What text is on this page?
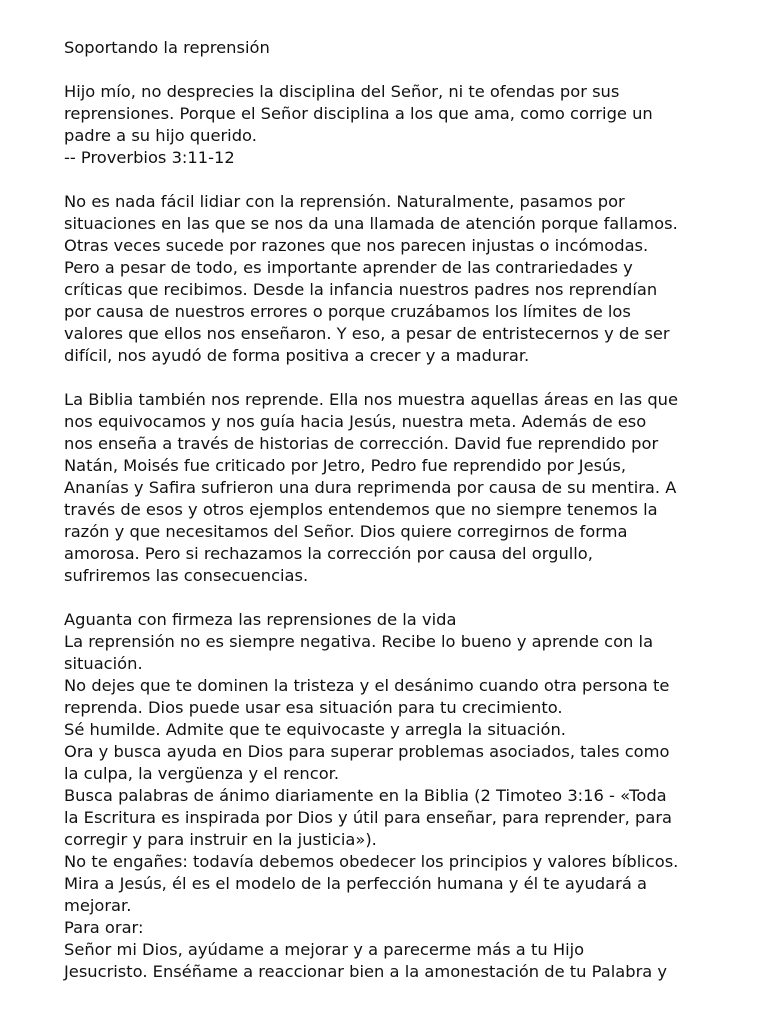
Soportando la reprensión

Hijo mío, no desprecies la disciplina del Señor, ni te ofendas por sus

reprensiones. Porque el Señor disciplina a los que ama, como corrige un

padre a su hijo querido.

-- Proverbios 3:11-12

No es nada fácil lidiar con la reprensión. Naturalmente, pasamos por

situaciones en las que se nos da una llamada de atención porque fallamos.

Otras veces sucede por razones que nos parecen injustas o incómodas.

Pero a pesar de todo, es importante aprender de las contrariedades y

críticas que recibimos. Desde la infancia nuestros padres nos reprendían

por causa de nuestros errores o porque cruzábamos los límites de los

valores que ellos nos enseñaron. Y eso, a pesar de entristecernos y de ser

difícil, nos ayudó de forma positiva a crecer y a madurar.

La Biblia también nos reprende. Ella nos muestra aquellas áreas en las que

nos equivocamos y nos guía hacia Jesús, nuestra meta. Además de eso

nos enseña a través de historias de corrección. David fue reprendido por

Natán, Moisés fue criticado por Jetro, Pedro fue reprendido por Jesús,

Ananías y Safira sufrieron una dura reprimenda por causa de su mentira. A

través de esos y otros ejemplos entendemos que no siempre tenemos la

razón y que necesitamos del Señor. Dios quiere corregirnos de forma

amorosa. Pero si rechazamos la corrección por causa del orgullo,

sufriremos las consecuencias.

Aguanta con firmeza las reprensiones de la vida

La reprensión no es siempre negativa. Recibe lo bueno y aprende con la

situación.

No dejes que te dominen la tristeza y el desánimo cuando otra persona te

reprenda. Dios puede usar esa situación para tu crecimiento.

Sé humilde. Admite que te equivocaste y arregla la situación.

Ora y busca ayuda en Dios para superar problemas asociados, tales como

la culpa, la vergüenza y el rencor.

Busca palabras de ánimo diariamente en la Biblia (2 Timoteo 3:16 - «Toda

la Escritura es inspirada por Dios y útil para enseñar, para reprender, para

corregir y para instruir en la justicia»).

No te engañes: todavía debemos obedecer los principios y valores bíblicos.

Mira a Jesús, él es el modelo de la perfección humana y él te ayudará a

mejorar.

Para orar:

Señor mi Dios, ayúdame a mejorar y a parecerme más a tu Hijo

Jesucristo. Enséñame a reaccionar bien a la amonestación de tu Palabra y
